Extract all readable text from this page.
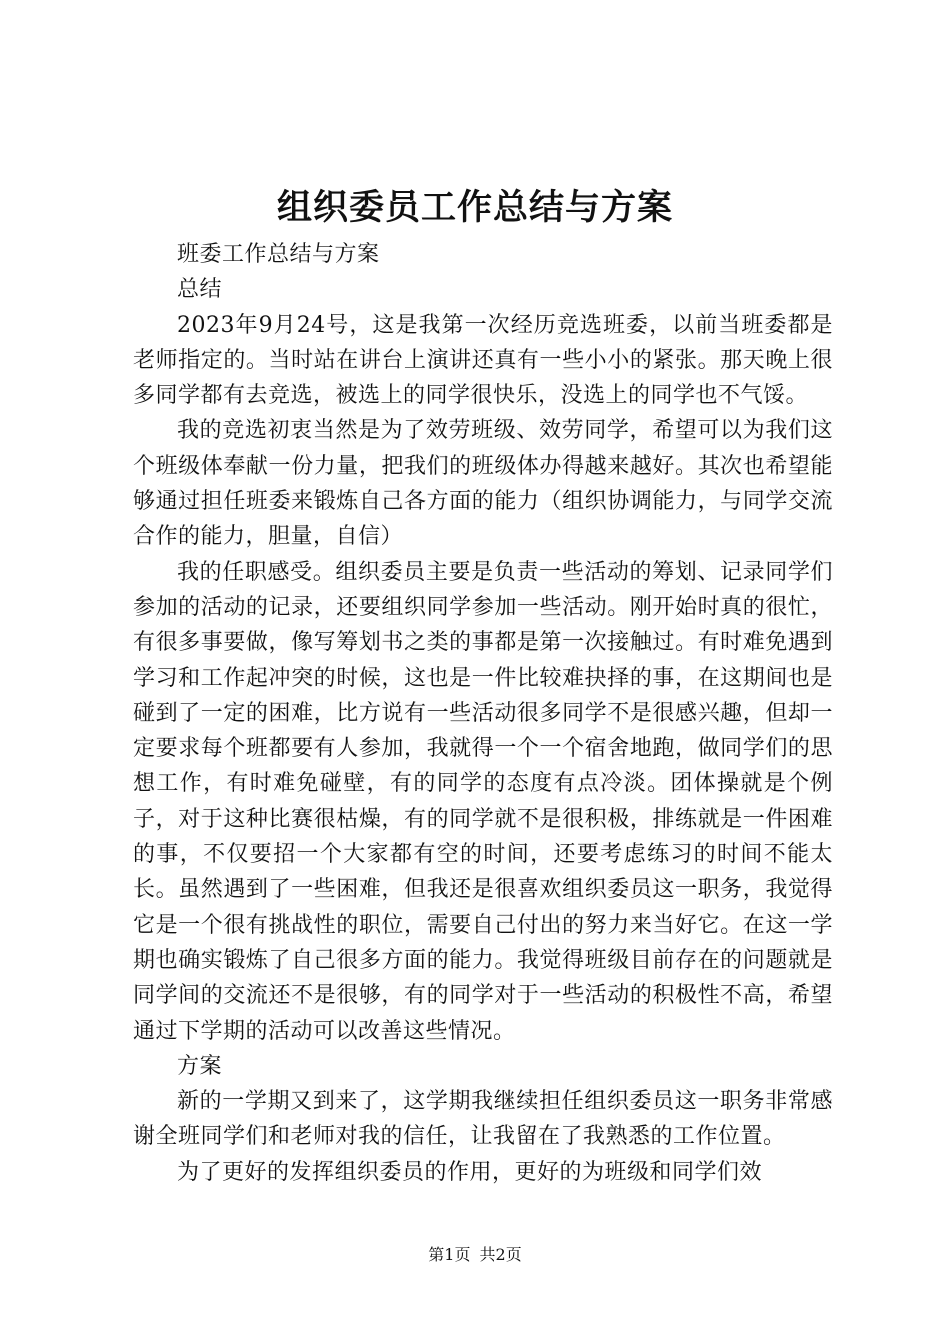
组织委员工作总结与方案

班委工作总结与方案

总结

2023年9月24号，这是我第一次经历竞选班委，以前当班委都是老师指定的。当时站在讲台上演讲还真有一些小小的紧张。那天晚上很多同学都有去竞选，被选上的同学很快乐，没选上的同学也不气馁。

我的竞选初衷当然是为了效劳班级、效劳同学，希望可以为我们这个班级体奉献一份力量，把我们的班级体办得越来越好。其次也希望能够通过担任班委来锻炼自己各方面的能力（组织协调能力，与同学交流合作的能力，胆量，自信）

我的任职感受。组织委员主要是负责一些活动的筹划、记录同学们参加的活动的记录，还要组织同学参加一些活动。刚开始时真的很忙，有很多事要做，像写筹划书之类的事都是第一次接触过。有时难免遇到学习和工作起冲突的时候，这也是一件比较难抉择的事，在这期间也是碰到了一定的困难，比方说有一些活动很多同学不是很感兴趣，但却一定要求每个班都要有人参加，我就得一个一个宿舍地跑，做同学们的思想工作，有时难免碰壁，有的同学的态度有点冷淡。团体操就是个例子，对于这种比赛很枯燥，有的同学就不是很积极，排练就是一件困难的事，不仅要招一个大家都有空的时间，还要考虑练习的时间不能太长。虽然遇到了一些困难，但我还是很喜欢组织委员这一职务，我觉得它是一个很有挑战性的职位，需要自己付出的努力来当好它。在这一学期也确实锻炼了自己很多方面的能力。我觉得班级目前存在的问题就是同学间的交流还不是很够，有的同学对于一些活动的积极性不高，希望通过下学期的活动可以改善这些情况。

方案

新的一学期又到来了，这学期我继续担任组织委员这一职务非常感谢全班同学们和老师对我的信任，让我留在了我熟悉的工作位置。

为了更好的发挥组织委员的作用，更好的为班级和同学们效

第1页 共2页
